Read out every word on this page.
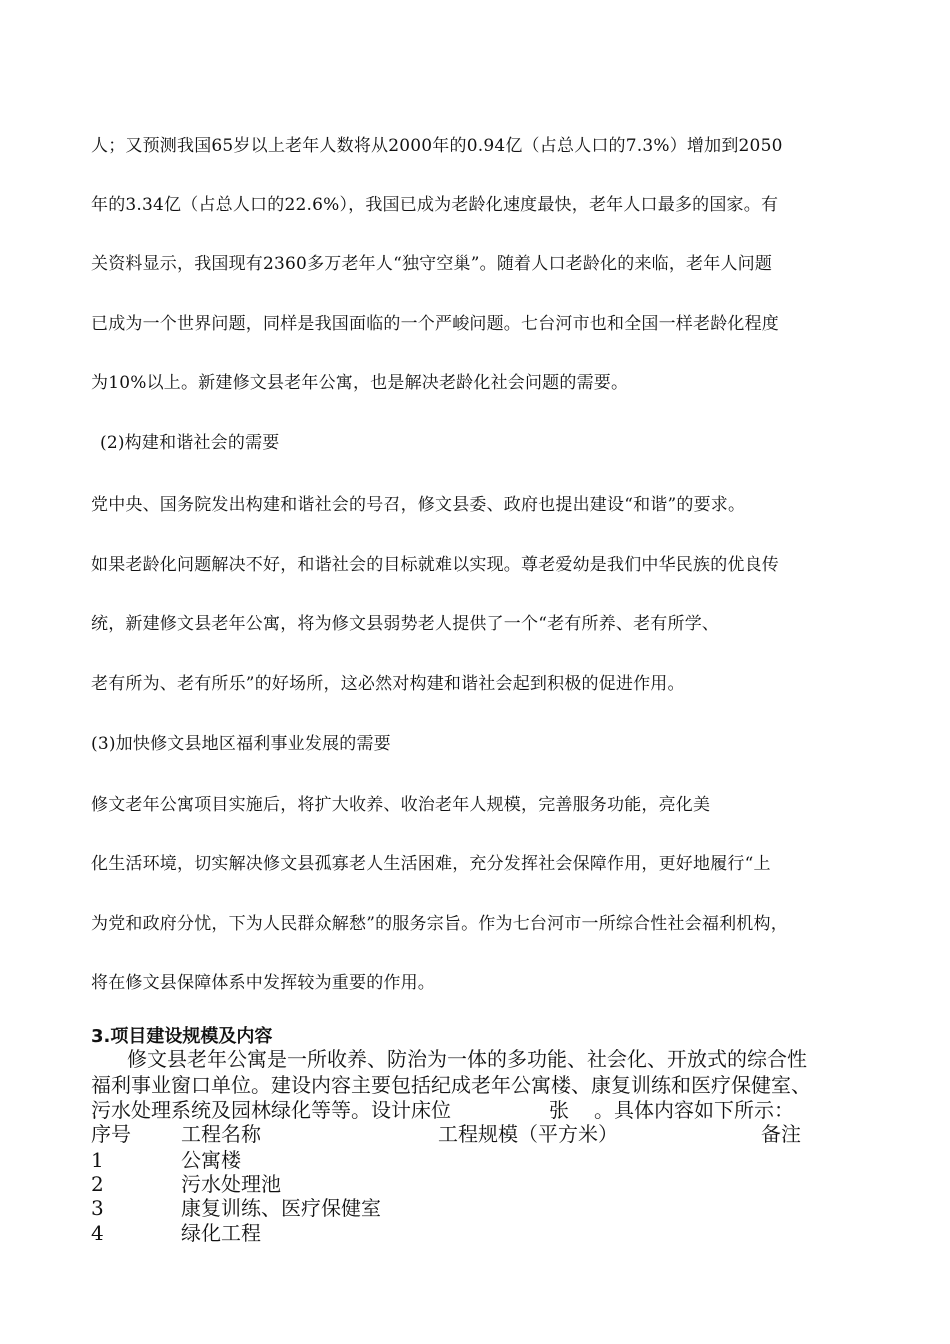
人；又预测我国65岁以上老年人数将从2000年的0.94亿（占总人口的7.3%）增加到2050
年的3.34亿（占总人口的22.6%），我国已成为老龄化速度最快，老年人口最多的国家。有
关资料显示，我国现有2360多万老年人“独守空巢”。随着人口老龄化的来临，老年人问题
已成为一个世界问题，同样是我国面临的一个严峻问题。七台河市也和全国一样老龄化程度
为10%以上。新建修文县老年公寓，也是解决老龄化社会问题的需要。
(2)构建和谐社会的需要
党中央、国务院发出构建和谐社会的号召，修文县委、政府也提出建设“和谐”的要求。
如果老龄化问题解决不好，和谐社会的目标就难以实现。尊老爱幼是我们中华民族的优良传
统，新建修文县老年公寓，将为修文县弱势老人提供了一个“老有所养、老有所学、
老有所为、老有所乐”的好场所，这必然对构建和谐社会起到积极的促进作用。
(3)加快修文县地区福利事业发展的需要
修文老年公寓项目实施后，将扩大收养、收治老年人规模，完善服务功能，亮化美
化生活环境，切实解决修文县孤寡老人生活困难，充分发挥社会保障作用，更好地履行“上
为党和政府分忧，下为人民群众解愁”的服务宗旨。作为七台河市一所综合性社会福利机构，
将在修文县保障体系中发挥较为重要的作用。
3.项目建设规模及内容
修文县老年公寓是一所收养、防治为一体的多功能、社会化、开放式的综合性
福利事业窗口单位。建设内容主要包括纪成老年公寓楼、康复训练和医疗保健室、
污水处理系统及园林绿化等等。设计床位	张 。具体内容如下所示：
序号	工程名称	工程规模（平方米）	备注
1	公寓楼
2	污水处理池
3	康复训练、医疗保健室
4	绿化工程
